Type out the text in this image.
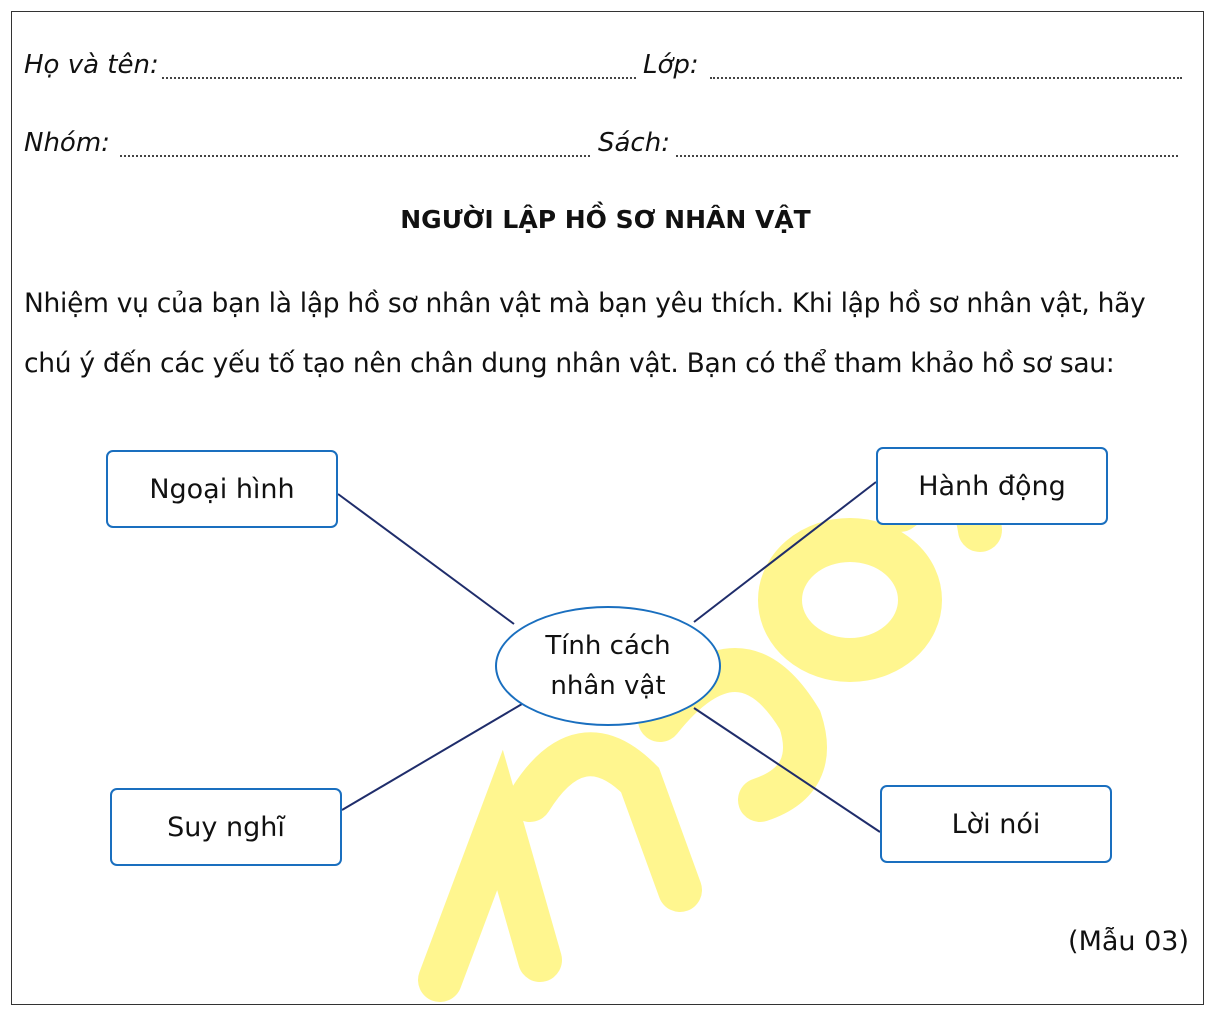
Họ và tên:	Lớp:
Nhóm:	Sách:
NGƯỜI LẬP HỒ SƠ NHÂN VẬT
Nhiệm vụ của bạn là lập hồ sơ nhân vật mà bạn yêu thích. Khi lập hồ sơ nhân vật, hãy
chú ý đến các yếu tố tạo nên chân dung nhân vật. Bạn có thể tham khảo hồ sơ sau:
Ngoại hình	Hành động
Suy nghĩ	Lời nói
Tính cách
nhân vật
(Mẫu 03)
